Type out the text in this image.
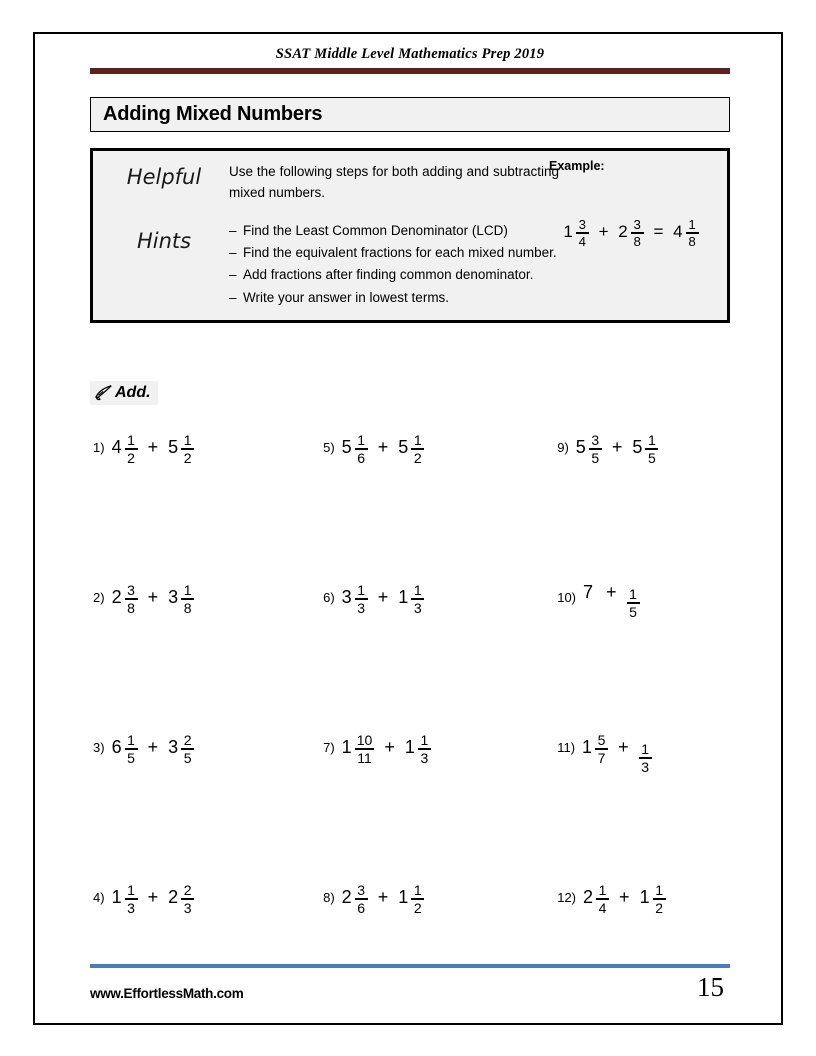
SSAT Middle Level Mathematics Prep 2019
Adding Mixed Numbers
Helpful
Hints
Use the following steps for both adding and subtracting mixed numbers.
– Find the Least Common Denominator (LCD)
– Find the equivalent fractions for each mixed number.
– Add fractions after finding common denominator.
– Write your answer in lowest terms.
Example:
$1 \frac{3}{4} + 2 \frac{3}{8} = 4 \frac{1}{8}$
Add.
1) $4 \frac{1}{2} + 5 \frac{1}{2}$	5) $5 \frac{1}{6} + 5 \frac{1}{2}$	9) $5 \frac{3}{5} + 5 \frac{1}{5}$
2) $2 \frac{3}{8} + 3 \frac{1}{8}$	6) $3 \frac{1}{3} + 1 \frac{1}{3}$	10) $7 + \frac{1}{5}$
3) $6 \frac{1}{5} + 3 \frac{2}{5}$	7) $1 \frac{10}{11} + 1 \frac{1}{3}$	11) $1 \frac{5}{7} + \frac{1}{3}$
4) $1 \frac{1}{3} + 2 \frac{2}{3}$	8) $2 \frac{3}{6} + 1 \frac{1}{2}$	12) $2 \frac{1}{4} + 1 \frac{1}{2}$
www.EffortlessMath.com	15
